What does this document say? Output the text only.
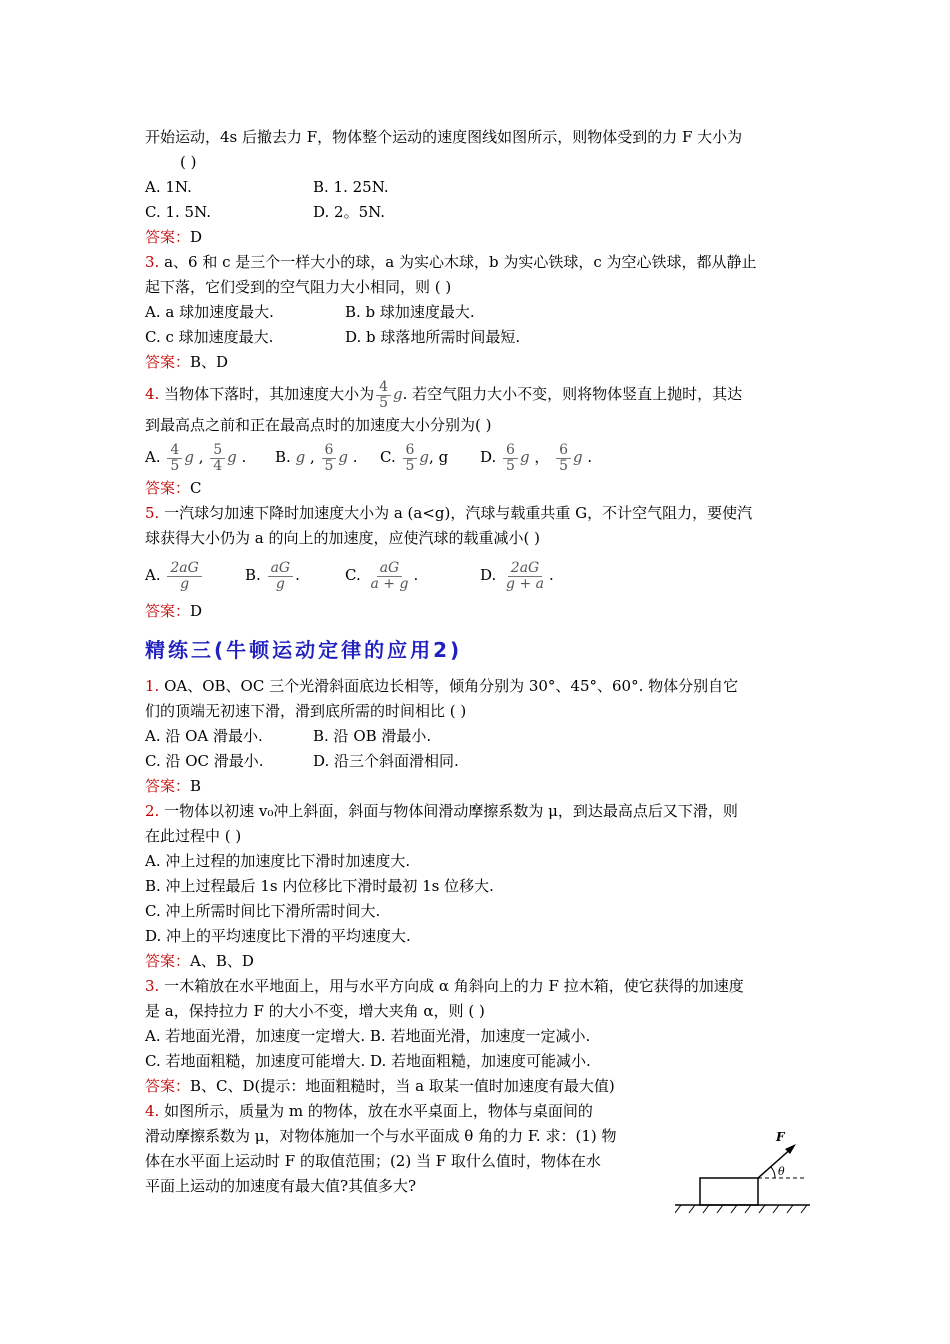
开始运动，4s 后撤去力 F，物体整个运动的速度图线如图所示，则物体受到的力 F 大小为
( )
A. 1N.	B. 1. 25N.
C. 1. 5N.	D. 2。5N.
答案：D
3. a、6 和 c 是三个一样大小的球，a 为实心木球，b 为实心铁球，c 为空心铁球，都从静止
起下落，它们受到的空气阻力大小相同，则 ( )
A. a 球加速度最大.	B. b 球加速度最大.
C. c 球加速度最大.	D. b 球落地所需时间最短.
答案：B、D
4. 当物体下落时，其加速度大小为 $\frac{4}{5} g$. 若空气阻力大小不变，则将物体竖直上抛时，其达
到最高点之前和正在最高点时的加速度大小分别为( )
A. $\frac{4}{5}$ g , $\frac{5}{4}$ g . B. g , $\frac{6}{5}$ g . C. $\frac{6}{5} g$, g D. $\frac{6}{5}$ g ， $\frac{6}{5}$ g .
答案：C
5. 一汽球匀加速下降时加速度大小为 a (a<g)，汽球与载重共重 G，不计空气阻力，要使汽
球获得大小仍为 a 的向上的加速度，应使汽球的载重减小( )
A. $\frac{2aG}{g}$	B. $\frac{aG}{g}$ .	C. $\frac{aG}{a + g}$ .	D. $\frac{2aG}{g + a}$ .
答案：D
精练三(牛顿运动定律的应用2)
1. OA、OB、OC 三个光滑斜面底边长相等，倾角分别为 30°、45°、60°. 物体分别自它
们的顶端无初速下滑，滑到底所需的时间相比 ( )
A. 沿 OA 滑最小.	B. 沿 OB 滑最小.
C. 沿 OC 滑最小.	D. 沿三个斜面滑相同.
答案：B
2. 一物体以初速 v₀冲上斜面，斜面与物体间滑动摩擦系数为 μ，到达最高点后又下滑，则
在此过程中 ( )
A. 冲上过程的加速度比下滑时加速度大.
B. 冲上过程最后 1s 内位移比下滑时最初 1s 位移大.
C. 冲上所需时间比下滑所需时间大.
D. 冲上的平均速度比下滑的平均速度大.
答案：A、B、D
3. 一木箱放在水平地面上，用与水平方向成 α 角斜向上的力 F 拉木箱，使它获得的加速度
是 a，保持拉力 F 的大小不变，增大夹角 α，则 ( )
A. 若地面光滑，加速度一定增大. B. 若地面光滑，加速度一定减小.
C. 若地面粗糙，加速度可能增大. D. 若地面粗糙，加速度可能减小.
答案：B、C、D(提示：地面粗糙时，当 a 取某一值时加速度有最大值)
4. 如图所示，质量为 m 的物体，放在水平桌面上，物体与桌面间的
滑动摩擦系数为 μ，对物体施加一个与水平面成 θ 角的力 F. 求：(1) 物
体在水平面上运动时 F 的取值范围；(2) 当 F 取什么值时，物体在水
平面上运动的加速度有最大值?其值多大?
F
θ
